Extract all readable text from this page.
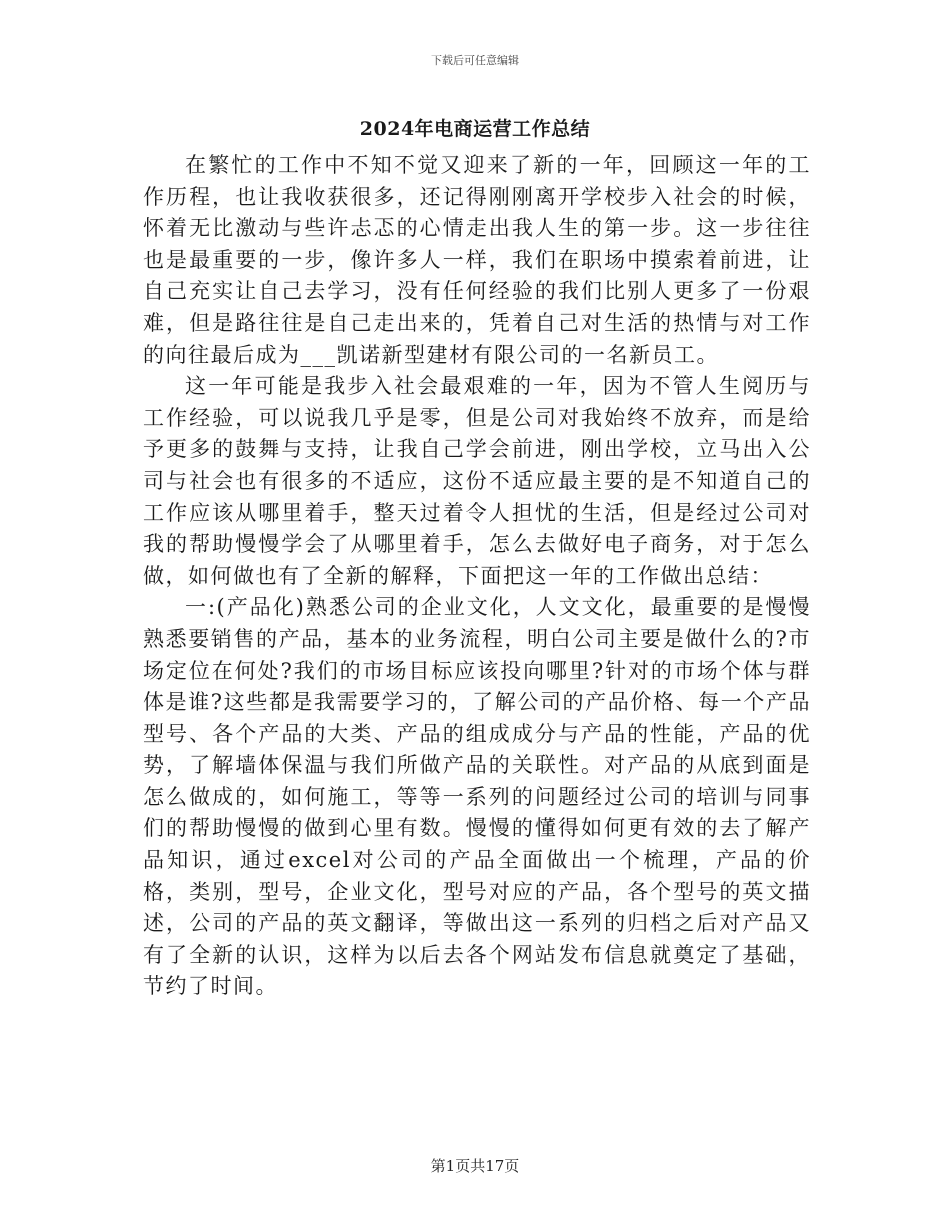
下载后可任意编辑
2024年电商运营工作总结

在繁忙的工作中不知不觉又迎来了新的一年，回顾这一年的工作历程，也让我收获很多，还记得刚刚离开学校步入社会的时候，怀着无比激动与些许忐忑的心情走出我人生的第一步。这一步往往也是最重要的一步，像许多人一样，我们在职场中摸索着前进，让自己充实让自己去学习，没有任何经验的我们比别人更多了一份艰难，但是路往往是自己走出来的，凭着自己对生活的热情与对工作的向往最后成为___凯诺新型建材有限公司的一名新员工。

这一年可能是我步入社会最艰难的一年，因为不管人生阅历与工作经验，可以说我几乎是零，但是公司对我始终不放弃，而是给予更多的鼓舞与支持，让我自己学会前进，刚出学校，立马出入公司与社会也有很多的不适应，这份不适应最主要的是不知道自己的工作应该从哪里着手，整天过着令人担忧的生活，但是经过公司对我的帮助慢慢学会了从哪里着手，怎么去做好电子商务，对于怎么做，如何做也有了全新的解释，下面把这一年的工作做出总结：

一:(产品化)熟悉公司的企业文化，人文文化，最重要的是慢慢熟悉要销售的产品，基本的业务流程，明白公司主要是做什么的?市场定位在何处?我们的市场目标应该投向哪里?针对的市场个体与群体是谁?这些都是我需要学习的，了解公司的产品价格、每一个产品型号、各个产品的大类、产品的组成成分与产品的性能，产品的优势，了解墙体保温与我们所做产品的关联性。对产品的从底到面是怎么做成的，如何施工，等等一系列的问题经过公司的培训与同事们的帮助慢慢的做到心里有数。慢慢的懂得如何更有效的去了解产品知识，通过excel对公司的产品全面做出一个梳理，产品的价格，类别，型号，企业文化，型号对应的产品，各个型号的英文描述，公司的产品的英文翻译，等做出这一系列的归档之后对产品又有了全新的认识，这样为以后去各个网站发布信息就奠定了基础，节约了时间。

第1页共17页
